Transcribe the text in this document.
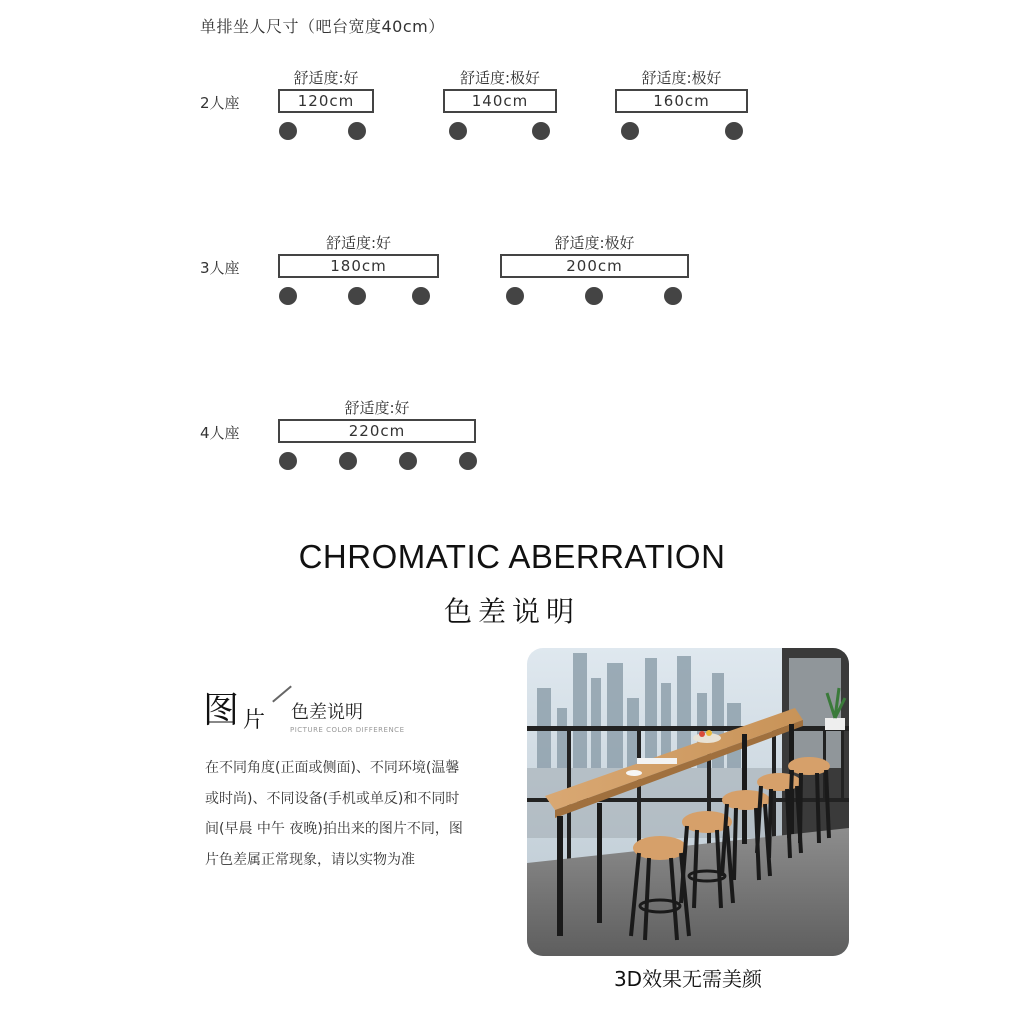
单排坐人尺寸（吧台宽度40cm）
2人座
舒适度:好
120cm
舒适度:极好
140cm
舒适度:极好
160cm
3人座
舒适度:好
180cm
舒适度:极好
200cm
4人座
舒适度:好
220cm
CHROMATIC ABERRATION
色差说明
图 片 色差说明
PICTURE COLOR DIFFERENCE
在不同角度(正面或侧面)、不同环境(温馨
或时尚)、不同设备(手机或单反)和不同时
间(早晨 中午 夜晚)拍出来的图片不同，图
片色差属正常现象，请以实物为准
3D效果无需美颜
